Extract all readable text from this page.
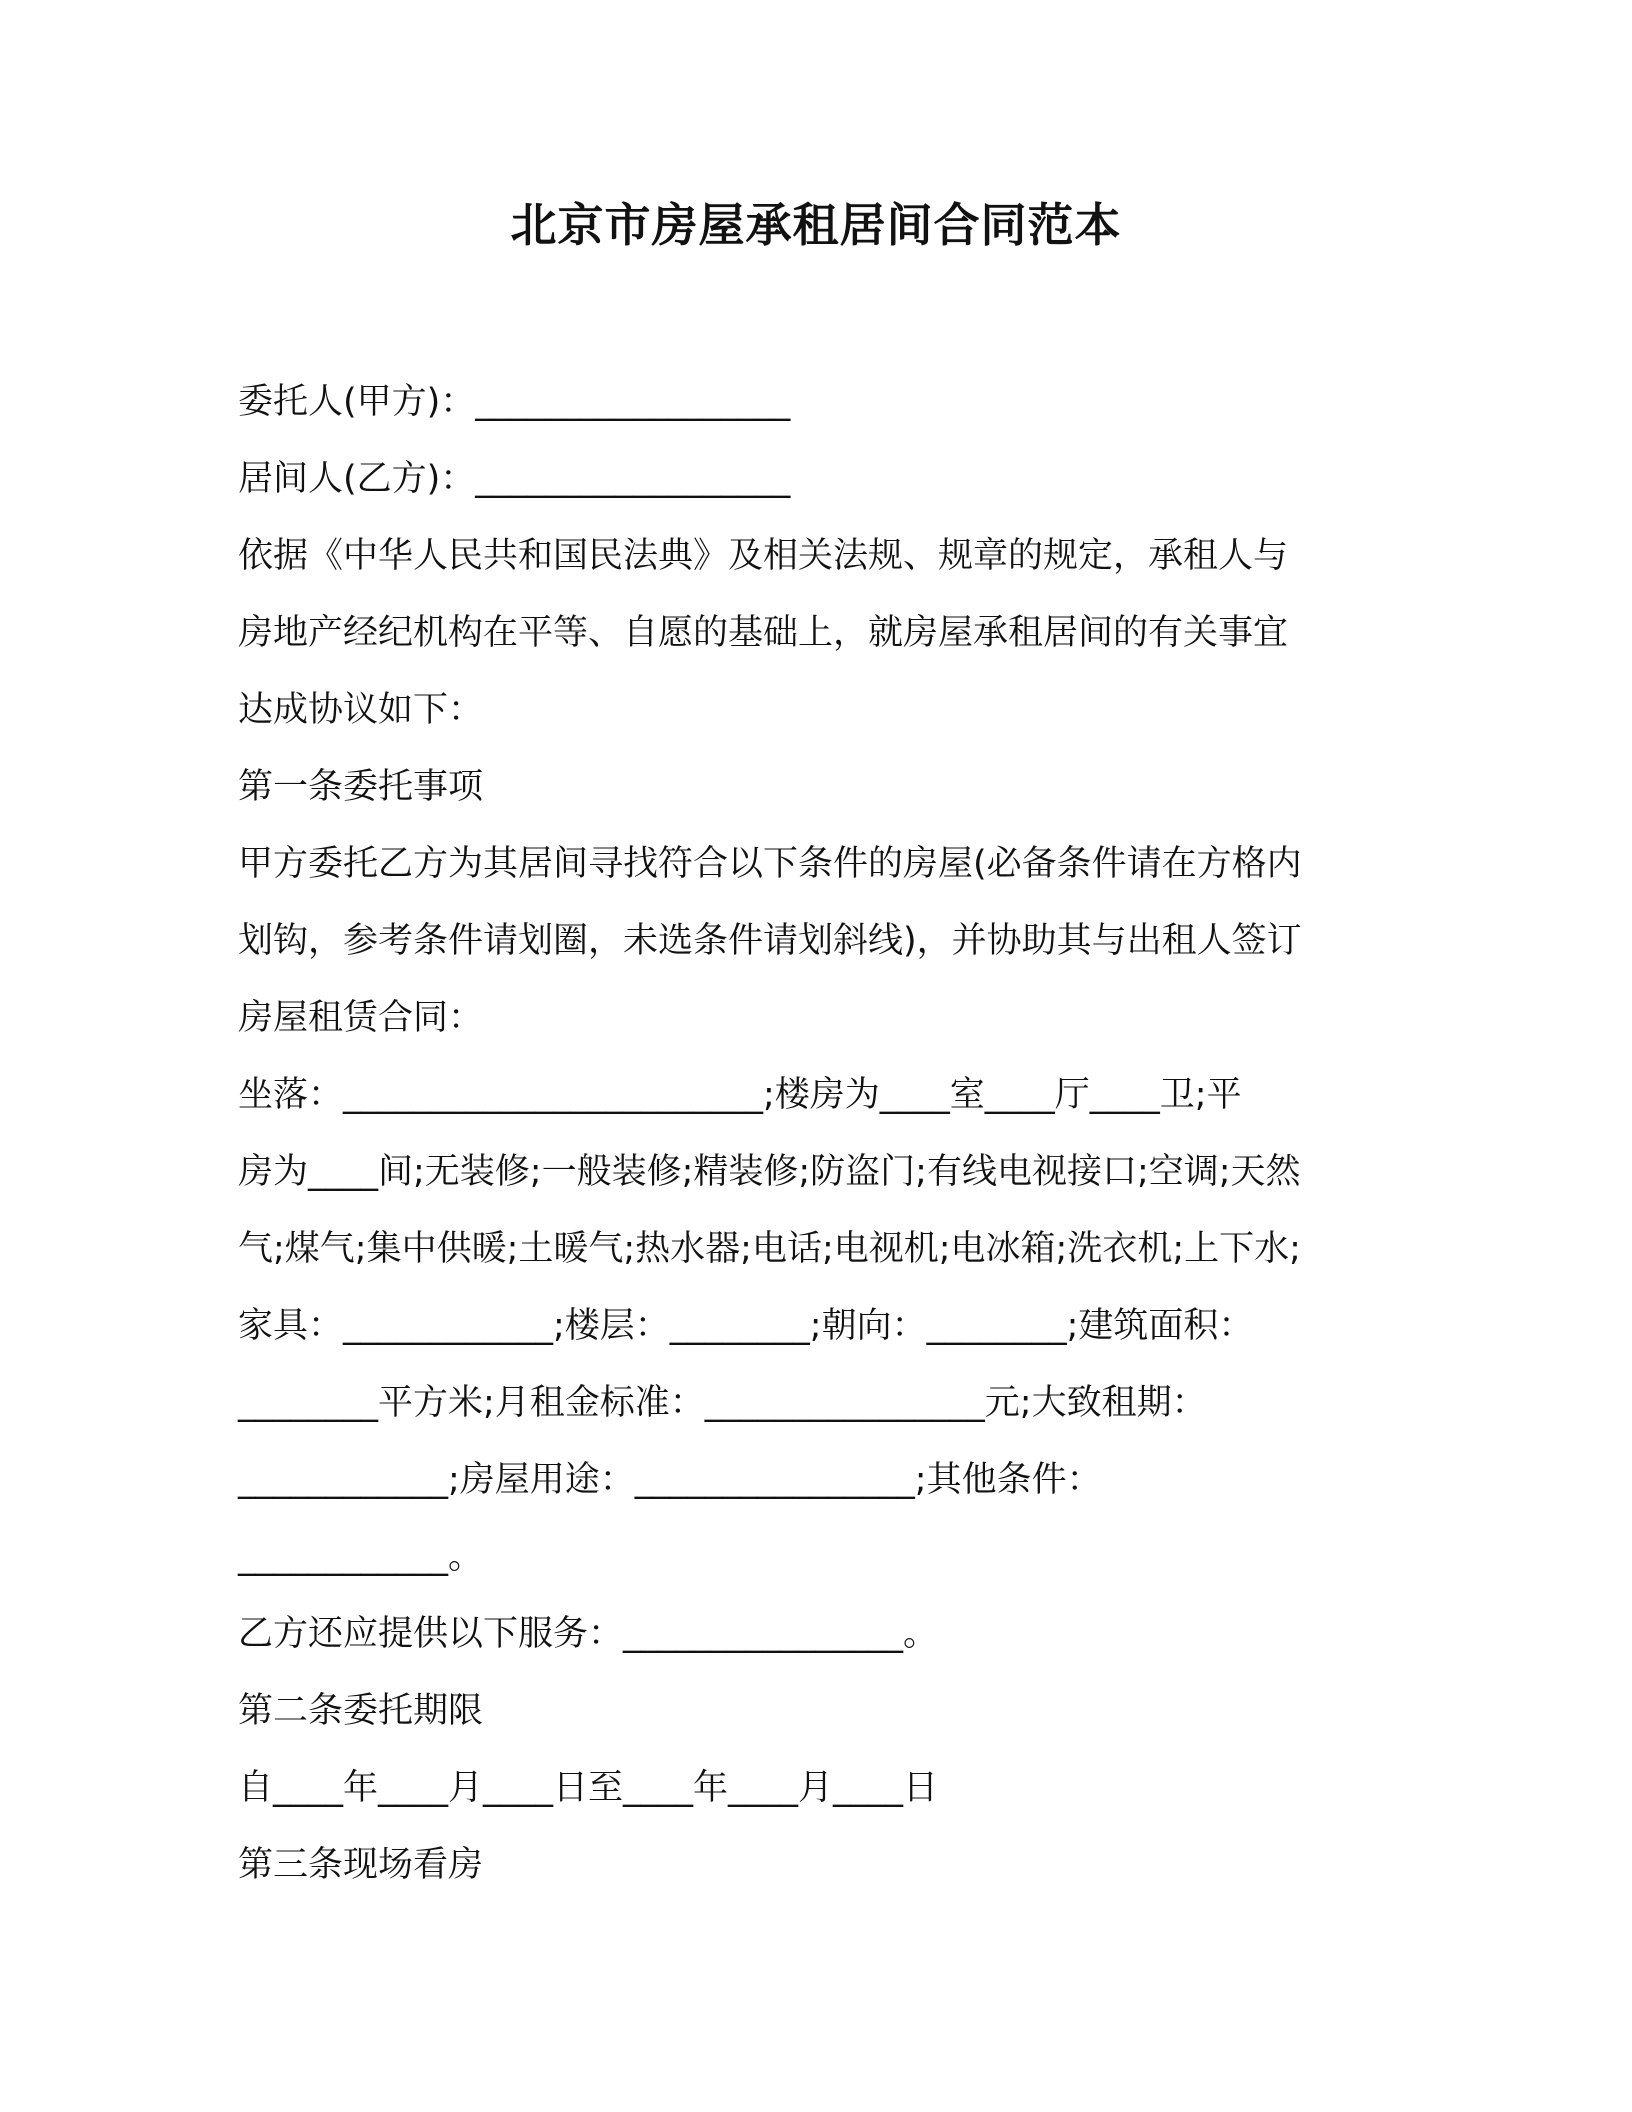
北京市房屋承租居间合同范本
委托人(甲方)：__________________
居间人(乙方)：__________________
依据《中华人民共和国民法典》及相关法规、规章的规定，承租人与
房地产经纪机构在平等、自愿的基础上，就房屋承租居间的有关事宜
达成协议如下：
第一条委托事项
甲方委托乙方为其居间寻找符合以下条件的房屋(必备条件请在方格内
划钩，参考条件请划圈，未选条件请划斜线)，并协助其与出租人签订
房屋租赁合同：
坐落：________________________;楼房为____室____厅____卫;平
房为____间;无装修;一般装修;精装修;防盗门;有线电视接口;空调;天然
气;煤气;集中供暖;土暖气;热水器;电话;电视机;电冰箱;洗衣机;上下水;
家具：____________;楼层：________;朝向：________;建筑面积：
________平方米;月租金标准：________________元;大致租期：
____________;房屋用途：________________;其他条件：
____________。
乙方还应提供以下服务：________________。
第二条委托期限
自____年____月____日至____年____月____日
第三条现场看房
